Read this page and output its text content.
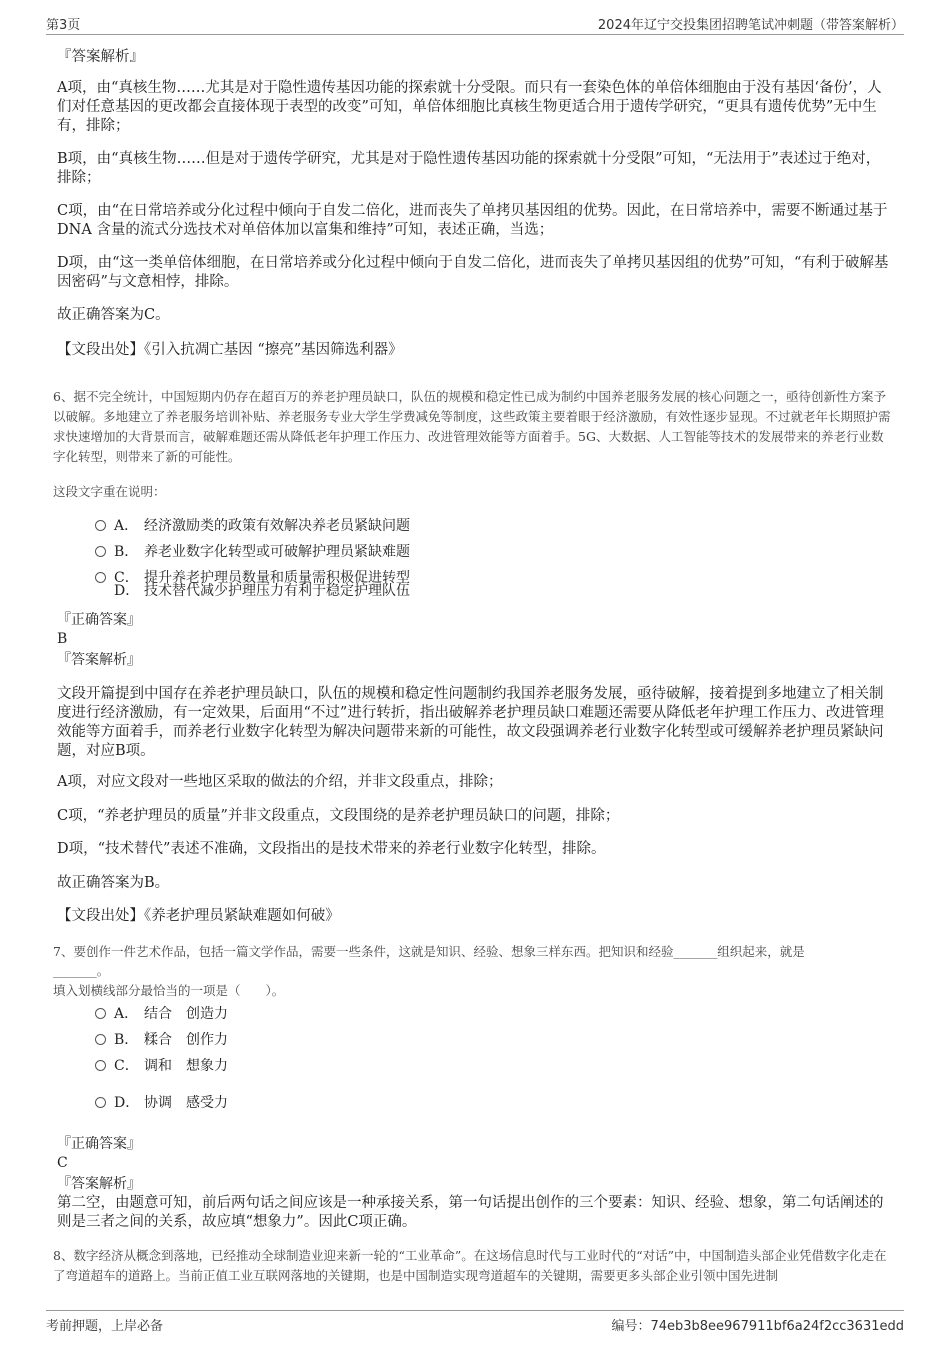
第3页	2024年辽宁交投集团招聘笔试冲刺题（带答案解析）
『答案解析』
A项，由“真核生物……尤其是对于隐性遗传基因功能的探索就十分受限。而只有一套染色体的单倍体细胞由于没有基因‘备份’，人们对任意基因的更改都会直接体现于表型的改变”可知，单倍体细胞比真核生物更适合用于遗传学研究，“更具有遗传优势”无中生有，排除；
B项，由“真核生物……但是对于遗传学研究，尤其是对于隐性遗传基因功能的探索就十分受限”可知，“无法用于”表述过于绝对，排除；
C项，由“在日常培养或分化过程中倾向于自发二倍化，进而丧失了单拷贝基因组的优势。因此，在日常培养中，需要不断通过基于DNA 含量的流式分选技术对单倍体加以富集和维持”可知，表述正确，当选；
D项，由“这一类单倍体细胞，在日常培养或分化过程中倾向于自发二倍化，进而丧失了单拷贝基因组的优势”可知，“有利于破解基因密码”与文意相悖，排除。
故正确答案为C。
【文段出处】《引入抗凋亡基因 “擦亮”基因筛选利器》
6、据不完全统计，中国短期内仍存在超百万的养老护理员缺口，队伍的规模和稳定性已成为制约中国养老服务发展的核心问题之一，亟待创新性方案予以破解。多地建立了养老服务培训补贴、养老服务专业大学生学费减免等制度，这些政策主要着眼于经济激励，有效性逐步显现。不过就老年长期照护需求快速增加的大背景而言，破解难题还需从降低老年护理工作压力、改进管理效能等方面着手。5G、大数据、人工智能等技术的发展带来的养老行业数字化转型，则带来了新的可能性。
这段文字重在说明：
A． 经济激励类的政策有效解决养老员紧缺问题
B． 养老业数字化转型或可破解护理员紧缺难题
C． 提升养老护理员数量和质量需积极促进转型
D． 技术替代减少护理压力有利于稳定护理队伍
『正确答案』
B
『答案解析』
文段开篇提到中国存在养老护理员缺口，队伍的规模和稳定性问题制约我国养老服务发展，亟待破解，接着提到多地建立了相关制度进行经济激励，有一定效果，后面用“不过”进行转折，指出破解养老护理员缺口难题还需要从降低老年护理工作压力、改进管理效能等方面着手，而养老行业数字化转型为解决问题带来新的可能性，故文段强调养老行业数字化转型或可缓解养老护理员紧缺问题，对应B项。
A项，对应文段对一些地区采取的做法的介绍，并非文段重点，排除；
C项，“养老护理员的质量”并非文段重点，文段围绕的是养老护理员缺口的问题，排除；
D项，“技术替代”表述不准确，文段指出的是技术带来的养老行业数字化转型，排除。
故正确答案为B。
【文段出处】《养老护理员紧缺难题如何破》
7、要创作一件艺术作品，包括一篇文学作品，需要一些条件，这就是知识、经验、想象三样东西。把知识和经验_______组织起来，就是
_______。
填入划横线部分最恰当的一项是（　　）。
A． 结合　创造力
B． 糅合　创作力
C． 调和　想象力
D． 协调　感受力
『正确答案』
C
『答案解析』
第二空，由题意可知，前后两句话之间应该是一种承接关系，第一句话提出创作的三个要素：知识、经验、想象，第二句话阐述的则是三者之间的关系，故应填“想象力”。因此C项正确。
8、数字经济从概念到落地，已经推动全球制造业迎来新一轮的“工业革命”。在这场信息时代与工业时代的“对话”中，中国制造头部企业凭借数字化走在了弯道超车的道路上。当前正值工业互联网落地的关键期，也是中国制造实现弯道超车的关键期，需要更多头部企业引领中国先进制
考前押题，上岸必备	编号：74eb3b8ee967911bf6a24f2cc3631edd
